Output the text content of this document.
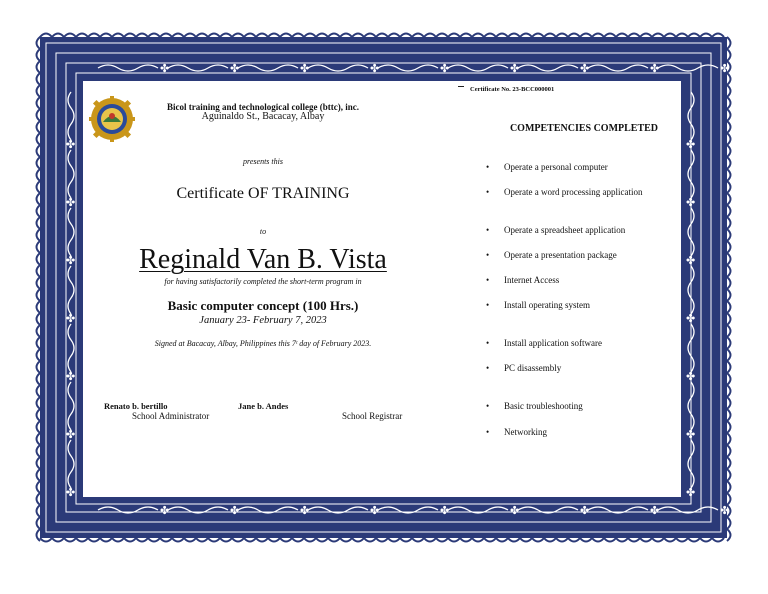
✤
✤
✤
✤
✤
✤
✤
✤
✤
✤
✤
✤
✤
✤
✤
✤
✤
✤
✤	✤
✤	✤
✤	✤
✤	✤
✤	✤
✤	✤
✤	✤

Bicol training and technological college (bttc), inc.

Aguinaldo St., Bacacay, Albay

presents this

Certificate OF TRAINING

to

Reginald Van B. Vista

for having satisfactorily completed the short-term program in

Basic computer concept (100 Hrs.)

January 23- February 7, 2023

Signed at Bacacay, Albay, Philippines this 7ᵗ day of February 2023.

Renato b. bertillo

School Administrator

Jane b. Andes

School Registrar

Certificate No. 23-BCC000001

COMPETENCIES COMPLETED

• Operate a personal computer
• Operate a word processing application
• Operate a spreadsheet application
• Operate a presentation package
• Internet Access
• Install operating system
• Install application software
• PC disassembly
• Basic troubleshooting
• Networking
